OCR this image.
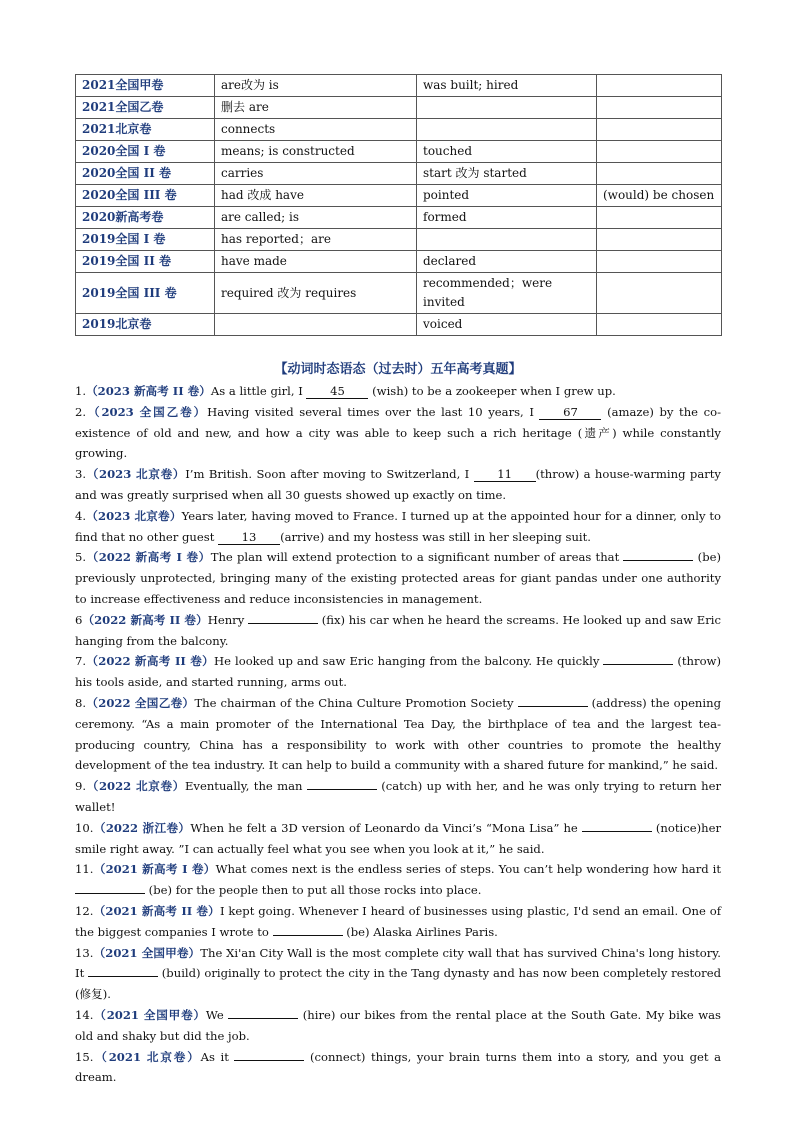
2021全国甲卷	are改为 is	was built; hired	
2021全国乙卷	删去 are		
2021北京卷	connects		
2020全国 I 卷	means; is constructed	touched	
2020全国 II 卷	carries	start 改为 started	
2020全国 III 卷	had 改成 have	pointed	(would) be chosen
2020新高考卷	are called; is	formed	
2019全国 I 卷	has reported；are		
2019全国 II 卷	have made	declared	
2019全国 III 卷	required 改为 requires	recommended；were invited	
2019北京卷		voiced	
【动词时态语态（过去时）五年高考真题】

1.（2023 新高考 II 卷）As a little girl, I 45 (wish) to be a zookeeper when I grew up.

2.（2023 全国乙卷）Having visited several times over the last 10 years, I 67 (amaze) by the co-existence of old and new, and how a city was able to keep such a rich heritage (遗产) while constantly growing.

3.（2023 北京卷）I’m British. Soon after moving to Switzerland, I 11 (throw) a house-warming party and was greatly surprised when all 30 guests showed up exactly on time.

4.（2023 北京卷）Years later, having moved to France. I turned up at the appointed hour for a dinner, only to find that no other guest 13 (arrive) and my hostess was still in her sleeping suit.

5.（2022 新高考 I 卷）The plan will extend protection to a significant number of areas that	(be) previously unprotected, bringing many of the existing protected areas for giant pandas under one authority to increase effectiveness and reduce inconsistencies in management.

6（2022 新高考 II 卷）Henry	(fix) his car when he heard the screams. He looked up and saw Eric hanging from the balcony.

7.（2022 新高考 II 卷）He looked up and saw Eric hanging from the balcony. He quickly	(throw) his tools aside, and started running, arms out.

8.（2022 全国乙卷）The chairman of the China Culture Promotion Society	(address) the opening ceremony. “As a main promoter of the International Tea Day, the birthplace of tea and the largest tea-producing country, China has a responsibility to work with other countries to promote the healthy development of the tea industry. It can help to build a community with a shared future for mankind,” he said.

9.（2022 北京卷）Eventually, the man	(catch) up with her, and he was only trying to return her wallet!

10.（2022 浙江卷）When he felt a 3D version of Leonardo da Vinci’s “Mona Lisa” he	(notice)her smile right away. ”I can actually feel what you see when you look at it,” he said.

11.（2021 新高考 I 卷）What comes next is the endless series of steps. You can’t help wondering how hard it  (be) for the people then to put all those rocks into place.

12.（2021 新高考 II 卷）I kept going. Whenever I heard of businesses using plastic, I'd send an email. One of the biggest companies I wrote to	(be) Alaska Airlines Paris.

13.（2021 全国甲卷）The Xi'an City Wall is the most complete city wall that has survived China's long history. It	(build) originally to protect the city in the Tang dynasty and has now been completely restored (修复).

14.（2021 全国甲卷）We	(hire) our bikes from the rental place at the South Gate. My bike was old and shaky but did the job.

15.（2021 北京卷）As it	(connect) things, your brain turns them into a story, and you get a dream.
